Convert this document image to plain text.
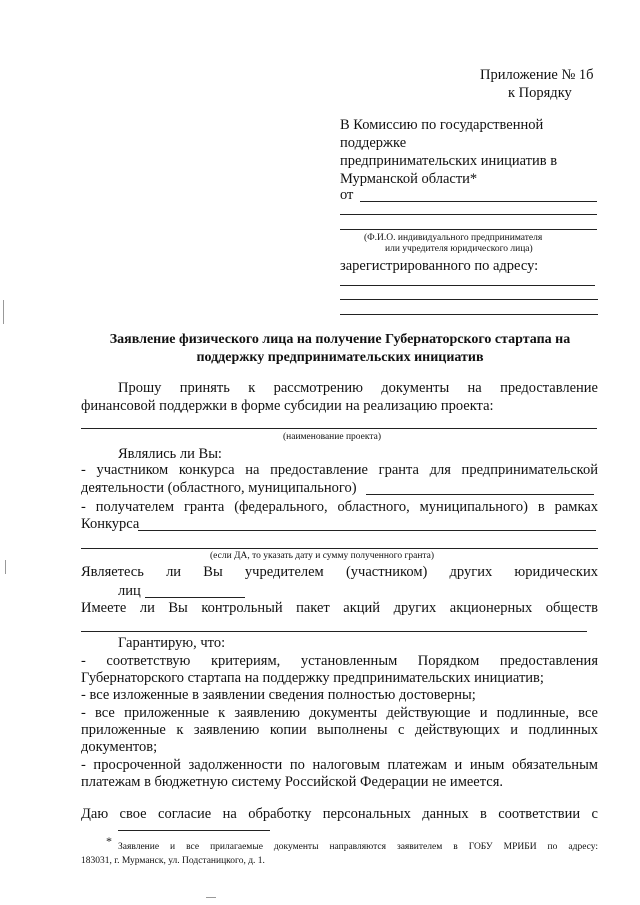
Приложение № 1б
к Порядку
В Комиссию по государственной
поддержке
предпринимательских инициатив в
Мурманской области*
от
(Ф.И.О. индивидуального предпринимателя
или учредителя юридического лица)
зарегистрированного по адресу:
Заявление физического лица на получение Губернаторского стартапа на
поддержку предпринимательских инициатив
Прошу принять к рассмотрению документы на предоставление
финансовой поддержки в форме субсидии на реализацию проекта:
(наименование проекта)
Являлись ли Вы:
- участником конкурса на предоставление гранта для предпринимательской
деятельности (областного, муниципального)
- получателем гранта (федерального, областного, муниципального) в рамках
Конкурса
(если ДА, то указать дату и сумму полученного гранта)
Являетесь ли Вы учредителем (участником) других юридических
лиц
Имеете ли Вы контрольный пакет акций других акционерных обществ
Гарантирую, что:
- соответствую критериям, установленным Порядком предоставления
Губернаторского стартапа на поддержку предпринимательских инициатив;
- все изложенные в заявлении сведения полностью достоверны;
- все приложенные к заявлению документы действующие и подлинные, все
приложенные к заявлению копии выполнены с действующих и подлинных
документов;
- просроченной задолженности по налоговым платежам и иным обязательным
платежам в бюджетную систему Российской Федерации не имеется.
Даю свое согласие на обработку персональных данных в соответствии с
* Заявление и все прилагаемые документы направляются заявителем в ГОБУ МРИБИ по адресу:
183031, г. Мурманск, ул. Подстаницкого, д. 1.
